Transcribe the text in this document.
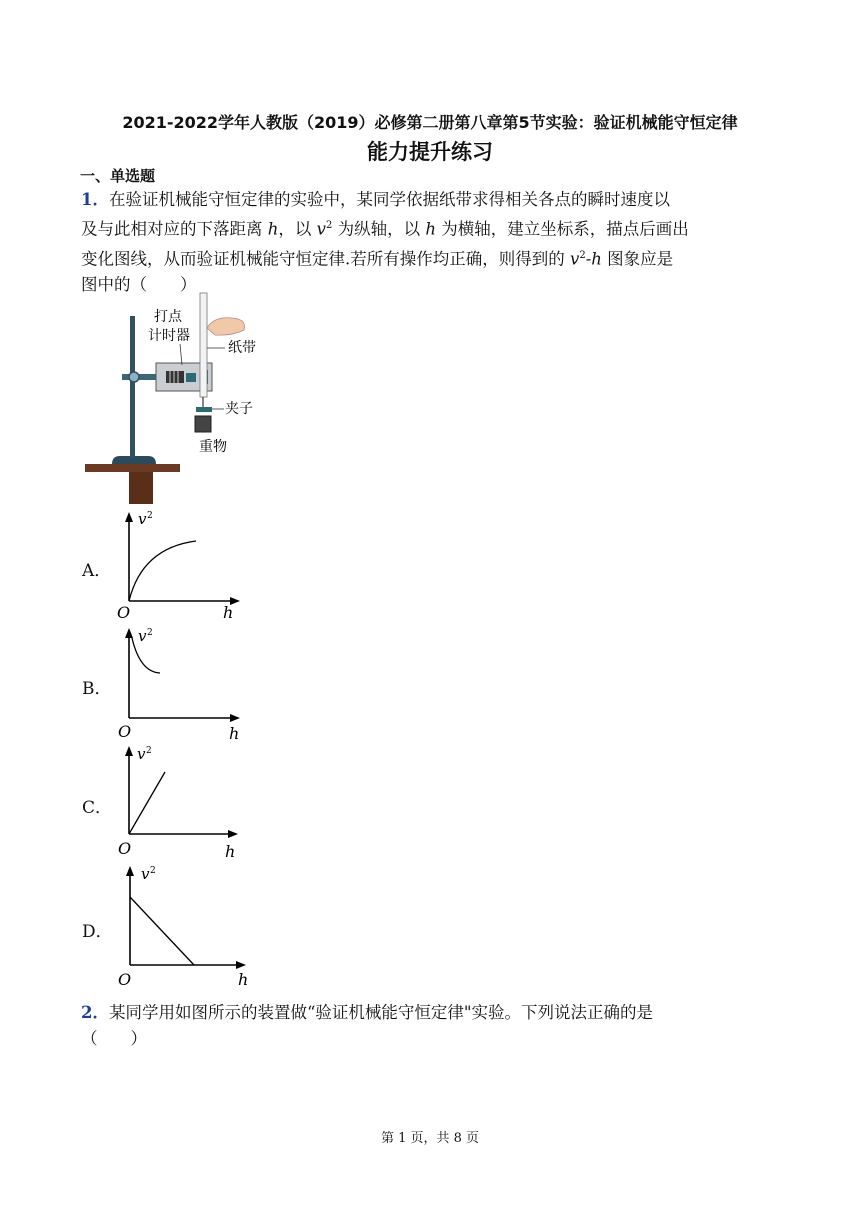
2021-2022学年人教版（2019）必修第二册第八章第5节实验：验证机械能守恒定律
能力提升练习
一、单选题
1．在验证机械能守恒定律的实验中，某同学依据纸带求得相关各点的瞬时速度以
及与此相对应的下落距离 h，以 $v^2$ 为纵轴，以 h 为横轴，建立坐标系，描点后画出
变化图线，从而验证机械能守恒定律.若所有操作均正确，则得到的 $v^2-h$ 图象应是
图中的（　　）
打点
计时器
纸带
夹子
重物
A．
v 2
O	h
B．
v 2
O	h
C．
v 2
O	h
D．
v 2
O	h
2．某同学用如图所示的装置做“验证机械能守恒定律"实验。下列说法正确的是
（　　）
第 1 页，共 8 页
